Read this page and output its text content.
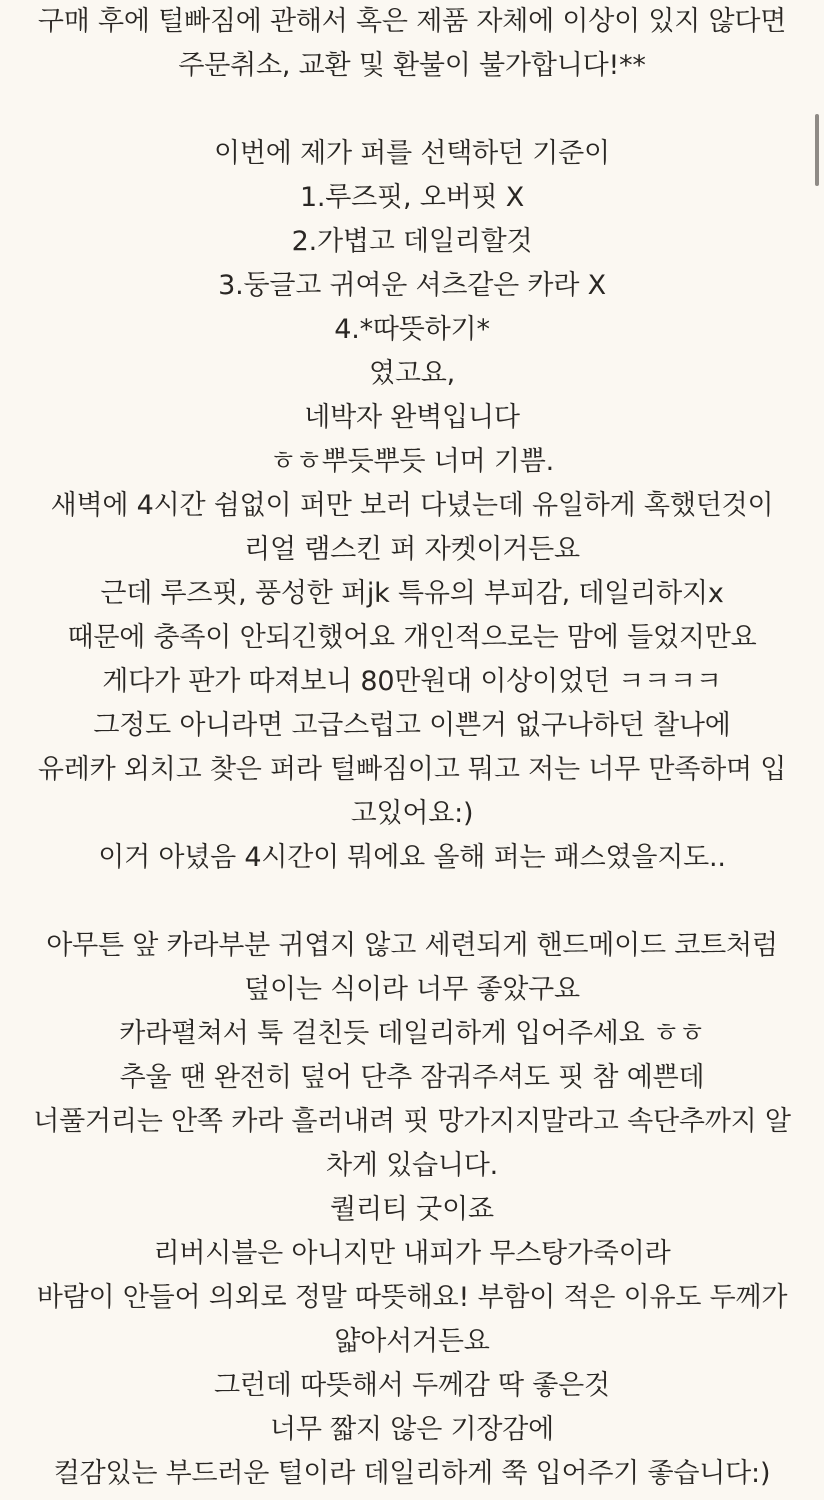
구매 후에 털빠짐에 관해서 혹은 제품 자체에 이상이 있지 않다면
주문취소, 교환 및 환불이 불가합니다!**
이번에 제가 퍼를 선택하던 기준이
1.루즈핏, 오버핏 X
2.가볍고 데일리할것
3.둥글고 귀여운 셔츠같은 카라 X
4.*따뜻하기*
였고요,
네박자 완벽입니다
ㅎㅎ뿌듯뿌듯 너머 기쁨.
새벽에 4시간 쉼없이 퍼만 보러 다녔는데 유일하게 혹했던것이
리얼 램스킨 퍼 자켓이거든요
근데 루즈핏, 풍성한 퍼jk 특유의 부피감, 데일리하지x
때문에 충족이 안되긴했어요 개인적으로는 맘에 들었지만요
게다가 판가 따져보니 80만원대 이상이었던 ㅋㅋㅋㅋ
그정도 아니라면 고급스럽고 이쁜거 없구나하던 찰나에
유레카 외치고 찾은 퍼라 털빠짐이고 뭐고 저는 너무 만족하며 입
고있어요:)
이거 아녔음 4시간이 뭐에요 올해 퍼는 패스였을지도..
아무튼 앞 카라부분 귀엽지 않고 세련되게 핸드메이드 코트처럼
덮이는 식이라 너무 좋았구요
카라펼쳐서 툭 걸친듯 데일리하게 입어주세요 ㅎㅎ
추울 땐 완전히 덮어 단추 잠궈주셔도 핏 참 예쁜데
너풀거리는 안쪽 카라 흘러내려 핏 망가지지말라고 속단추까지 알
차게 있습니다.
퀄리티 굿이죠
리버시블은 아니지만 내피가 무스탕가죽이라
바람이 안들어 의외로 정말 따뜻해요! 부함이 적은 이유도 두께가
얇아서거든요
그런데 따뜻해서 두께감 딱 좋은것
너무 짧지 않은 기장감에
컬감있는 부드러운 털이라 데일리하게 쭉 입어주기 좋습니다:)
